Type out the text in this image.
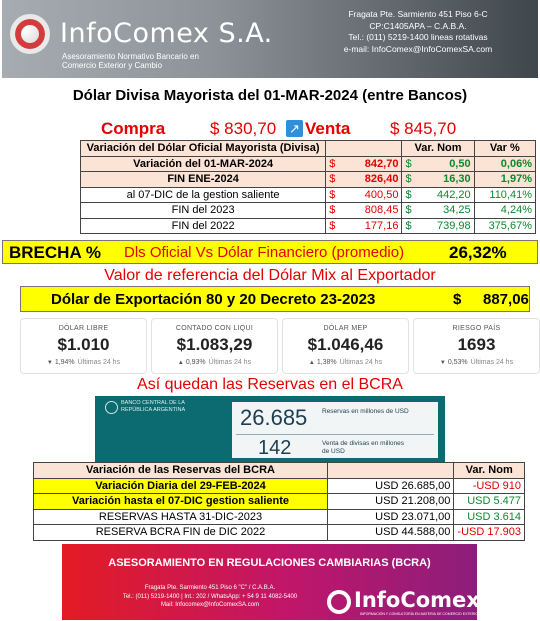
InfoComex S.A.
Asesoramiento Normativo Bancario en Comercio Exterior y Cambio
Fragata Pte. Sarmiento 451 Piso 6-C
CP:C1405APA – C.A.B.A.
Tel.: (011) 5219-1400 lineas rotativas
e-mail: InfoComex@InfoComexSA.com
Dólar Divisa Mayorista del 01-MAR-2024 (entre Bancos)
Compra	$ 830,70 ↗ Venta $ 845,70
Variación del Dólar Oficial Mayorista (Divisa)			Var. Nom		Var %
Variación del 01-MAR-2024	$	842,70	$	0,50	0,06%
FIN ENE-2024	$	826,40	$	16,30	1,97%
al 07-DIC de la gestion saliente	$	400,50	$	442,20	110,41%
FIN del 2023	$	808,45	$	34,25	4,24%
FIN del 2022	$	177,16	$	739,98	375,67%
BRECHA % Dls Oficial Vs Dólar Financiero (promedio)	26,32%
Valor de referencia del Dólar Mix al Exportador
Dólar de Exportación 80 y 20 Decreto 23-2023	$ 887,06
DÓLAR LIBRE
$1.010
▼ 1,94% Últimas 24 hs
CONTADO CON LIQUI
$1.083,29
▲ 0,93% Últimas 24 hs
DÓLAR MEP
$1.046,46
▲ 1,38% Últimas 24 hs
RIESGO PAÍS
1693
▼ 0,53% Últimas 24 hs
Así quedan las Reservas en el BCRA
BANCO CENTRAL DE LA REPÚBLICA ARGENTINA	26.685 Reservas en millones de USD
142	Venta de divisas en millones de USD
Variación de las Reservas del BCRA		Var. Nom
Variación Diaria del 29-FEB-2024	USD 26.685,00	-USD 910
Variación hasta el 07-DIC gestion saliente	USD 21.208,00	USD 5.477
RESERVAS HASTA 31-DIC-2023	USD 23.071,00	USD 3.614
RESERVA BCRA FIN de DIC 2022	USD 44.588,00	-USD 17.903
ASESORAMIENTO EN REGULACIONES CAMBIARIAS (BCRA)
Fragata Pte. Sarmiento 451 Piso 6 "C" / C.A.B.A.
Tel.: (011) 5219-1400 | Int.: 202 / WhatsApp: + 54 9 11 4082-5400
Mail: Infocomex@InfoComexSA.com	InfoComex
INFORMACIÓN Y CONSULTORÍA EN MATERIA DE COMERCIO EXTERIOR
